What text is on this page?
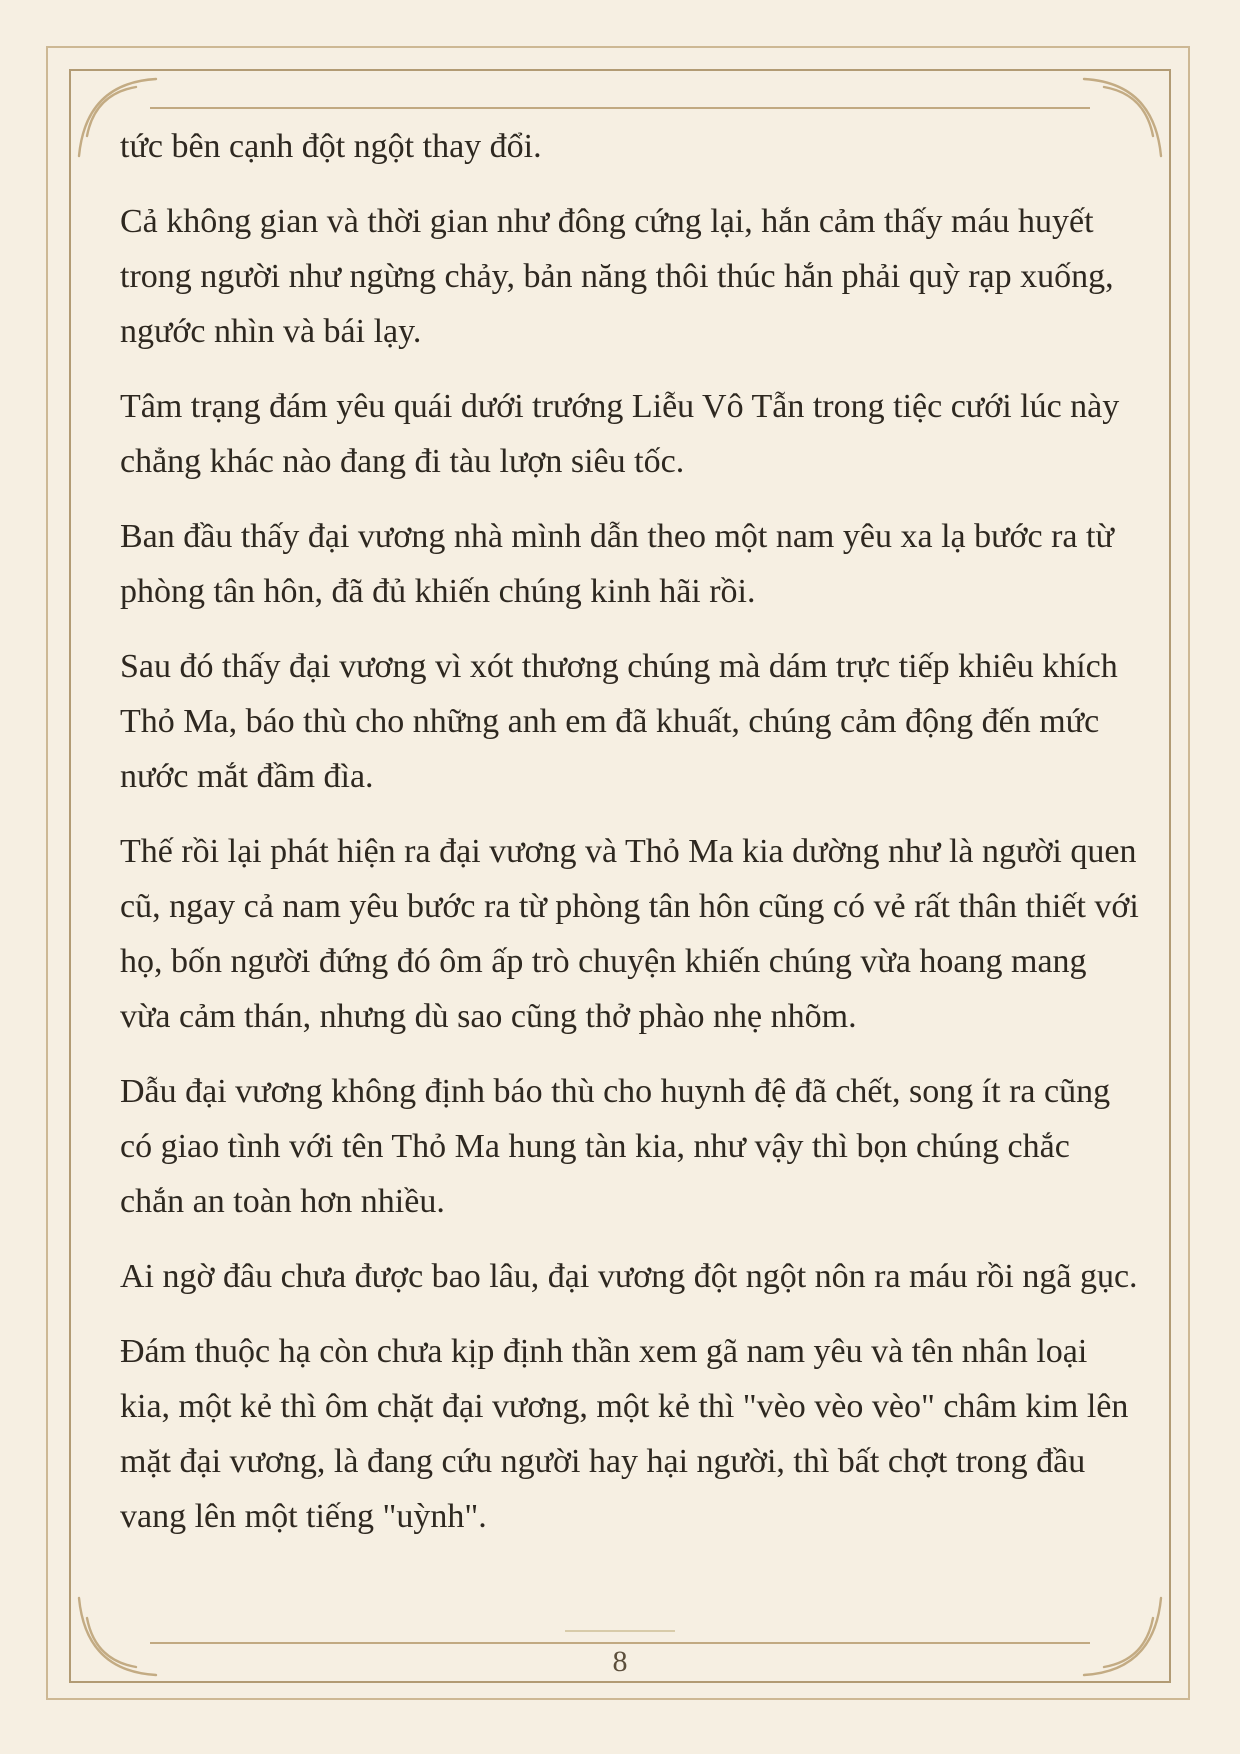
tức bên cạnh đột ngột thay đổi.

Cả không gian và thời gian như đông cứng lại, hắn cảm thấy máu huyết trong người như ngừng chảy, bản năng thôi thúc hắn phải quỳ rạp xuống, ngước nhìn và bái lạy.

Tâm trạng đám yêu quái dưới trướng Liễu Vô Tẫn trong tiệc cưới lúc này chẳng khác nào đang đi tàu lượn siêu tốc.

Ban đầu thấy đại vương nhà mình dẫn theo một nam yêu xa lạ bước ra từ phòng tân hôn, đã đủ khiến chúng kinh hãi rồi.

Sau đó thấy đại vương vì xót thương chúng mà dám trực tiếp khiêu khích Thỏ Ma, báo thù cho những anh em đã khuất, chúng cảm động đến mức nước mắt đầm đìa.

Thế rồi lại phát hiện ra đại vương và Thỏ Ma kia dường như là người quen cũ, ngay cả nam yêu bước ra từ phòng tân hôn cũng có vẻ rất thân thiết với họ, bốn người đứng đó ôm ấp trò chuyện khiến chúng vừa hoang mang vừa cảm thán, nhưng dù sao cũng thở phào nhẹ nhõm.

Dẫu đại vương không định báo thù cho huynh đệ đã chết, song ít ra cũng có giao tình với tên Thỏ Ma hung tàn kia, như vậy thì bọn chúng chắc chắn an toàn hơn nhiều.

Ai ngờ đâu chưa được bao lâu, đại vương đột ngột nôn ra máu rồi ngã gục.

Đám thuộc hạ còn chưa kịp định thần xem gã nam yêu và tên nhân loại kia, một kẻ thì ôm chặt đại vương, một kẻ thì "vèo vèo vèo" châm kim lên mặt đại vương, là đang cứu người hay hại người, thì bất chợt trong đầu vang lên một tiếng "uỳnh".

8
